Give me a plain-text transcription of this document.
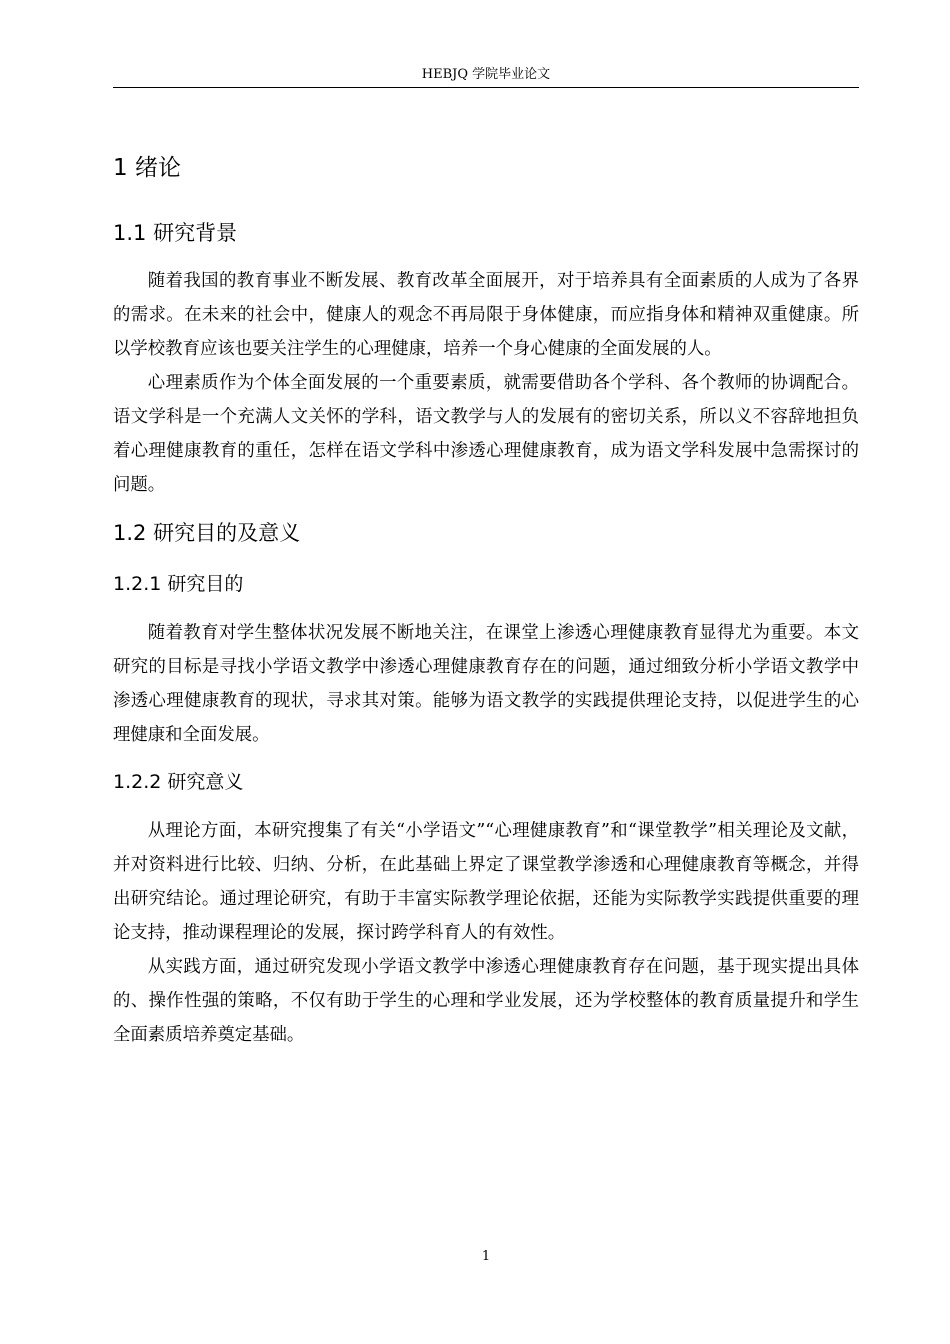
HEBJQ 学院毕业论文
1 绪论
1.1 研究背景

随着我国的教育事业不断发展、教育改革全面展开，对于培养具有全面素质的人成为了各界的需求。在未来的社会中，健康人的观念不再局限于身体健康，而应指身体和精神双重健康。所以学校教育应该也要关注学生的心理健康，培养一个身心健康的全面发展的人。

心理素质作为个体全面发展的一个重要素质，就需要借助各个学科、各个教师的协调配合。语文学科是一个充满人文关怀的学科，语文教学与人的发展有的密切关系，所以义不容辞地担负着心理健康教育的重任，怎样在语文学科中渗透心理健康教育，成为语文学科发展中急需探讨的问题。

1.2 研究目的及意义
1.2.1 研究目的

随着教育对学生整体状况发展不断地关注，在课堂上渗透心理健康教育显得尤为重要。本文研究的目标是寻找小学语文教学中渗透心理健康教育存在的问题，通过细致分析小学语文教学中渗透心理健康教育的现状，寻求其对策。能够为语文教学的实践提供理论支持，以促进学生的心理健康和全面发展。

1.2.2 研究意义

从理论方面，本研究搜集了有关“小学语文”“心理健康教育”和“课堂教学”相关理论及文献，并对资料进行比较、归纳、分析，在此基础上界定了课堂教学渗透和心理健康教育等概念，并得出研究结论。通过理论研究，有助于丰富实际教学理论依据，还能为实际教学实践提供重要的理论支持，推动课程理论的发展，探讨跨学科育人的有效性。

从实践方面，通过研究发现小学语文教学中渗透心理健康教育存在问题，基于现实提出具体的、操作性强的策略，不仅有助于学生的心理和学业发展，还为学校整体的教育质量提升和学生全面素质培养奠定基础。

1
